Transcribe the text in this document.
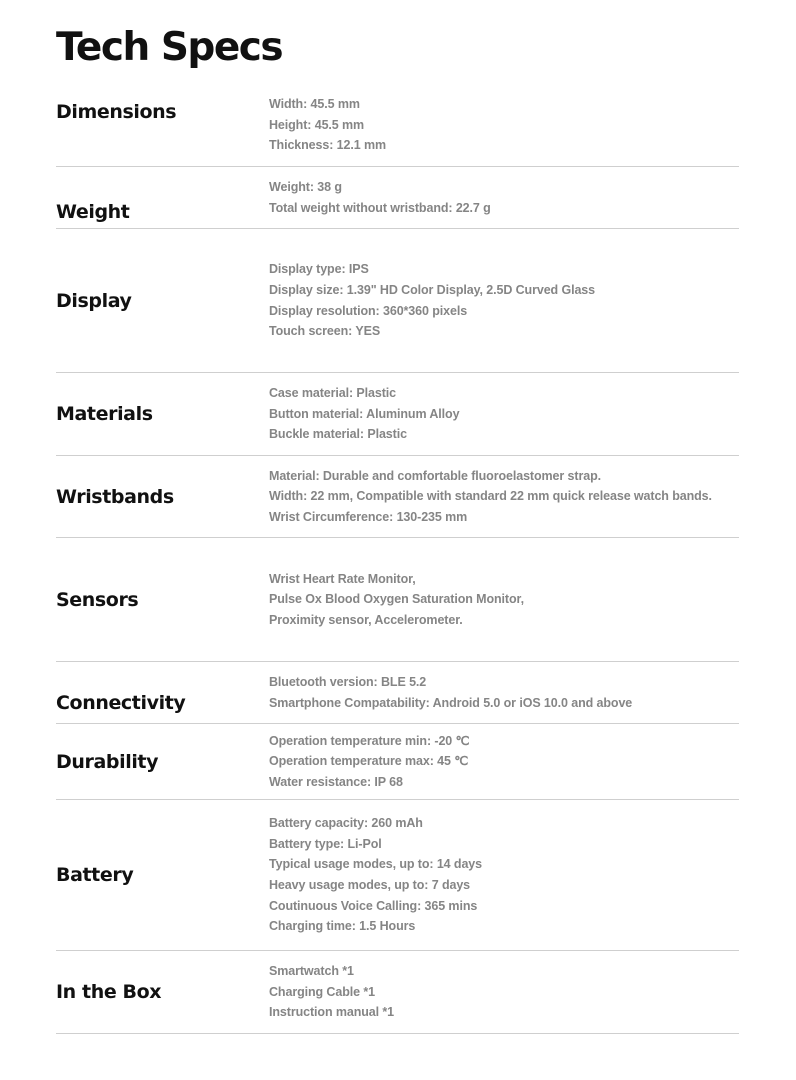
Tech Specs
Dimensions	Width: 45.5 mm
Height: 45.5 mm
Thickness: 12.1 mm
Weight
Weight: 38 g
Total weight without wristband: 22.7 g
Display
Display type: IPS
Display size: 1.39" HD Color Display, 2.5D Curved Glass
Display resolution: 360*360 pixels
Touch screen: YES
Materials
Case material: Plastic
Button material: Aluminum Alloy
Buckle material: Plastic
Wristbands
Material: Durable and comfortable fluoroelastomer strap.
Width: 22 mm, Compatible with standard 22 mm quick release watch bands.
Wrist Circumference: 130-235 mm
Sensors
Wrist Heart Rate Monitor,
Pulse Ox Blood Oxygen Saturation Monitor,
Proximity sensor, Accelerometer.
Connectivity
Bluetooth version: BLE 5.2
Smartphone Compatability: Android 5.0 or iOS 10.0 and above
Durability
Operation temperature min: -20 ℃
Operation temperature max: 45 ℃
Water resistance: IP 68
Battery
Battery capacity: 260 mAh
Battery type: Li-Pol
Typical usage modes, up to: 14 days
Heavy usage modes, up to: 7 days
Coutinuous Voice Calling: 365 mins
Charging time: 1.5 Hours
In the Box
Smartwatch *1
Charging Cable *1
Instruction manual *1
